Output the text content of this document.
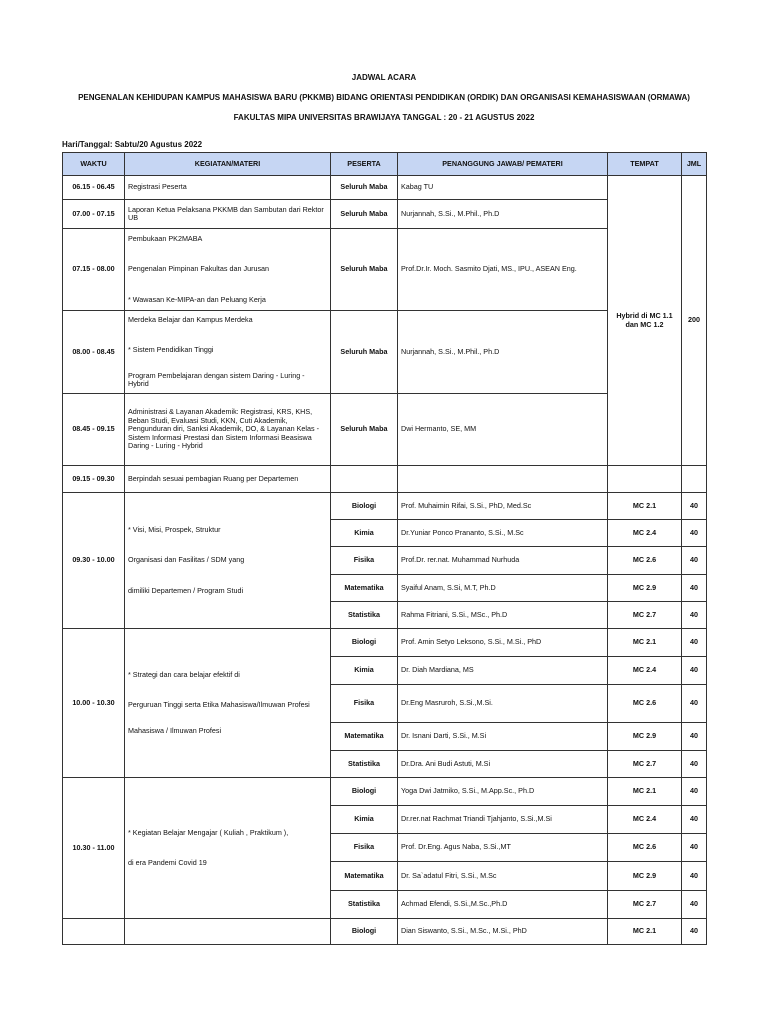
JADWAL ACARA
PENGENALAN KEHIDUPAN KAMPUS MAHASISWA BARU (PKKMB) BIDANG ORIENTASI PENDIDIKAN (ORDIK) DAN ORGANISASI KEMAHASISWAAN (ORMAWA)
FAKULTAS MIPA UNIVERSITAS BRAWIJAYA TANGGAL : 20 - 21 AGUSTUS 2022
Hari/Tanggal: Sabtu/20 Agustus 2022
WAKTU	KEGIATAN/MATERI	PESERTA	PENANGGUNG JAWAB/ PEMATERI	TEMPAT	JML
06.15 - 06.45	Registrasi Peserta	Seluruh Maba	Kabag TU	Hybrid di MC 1.1 dan MC 1.2	200
07.00 - 07.15	Laporan Ketua Pelaksana PKKMB dan Sambutan dari Rektor UB	Seluruh Maba	Nurjannah, S.Si., M.Phil., Ph.D		
07.15 - 08.00	Pembukaan PK2MABA
Pengenalan Pimpinan Fakultas dan Jurusan
* Wawasan Ke-MIPA-an dan Peluang Kerja	Seluruh Maba	Prof.Dr.Ir. Moch. Sasmito Djati, MS., IPU., ASEAN Eng.		
08.00 - 08.45	Merdeka Belajar dan Kampus Merdeka
* Sistem Pendidikan Tinggi
Program Pembelajaran dengan sistem Daring - Luring - Hybrid	Seluruh Maba	Nurjannah, S.Si., M.Phil., Ph.D		
08.45 - 09.15	Administrasi & Layanan Akademik: Registrasi, KRS, KHS, Beban Studi, Evaluasi Studi, KKN, Cuti Akademik, Pengunduran diri, Sanksi Akademik, DO, & Layanan Kelas - Sistem Informasi Prestasi dan Sistem Informasi Beasiswa
Daring - Luring - Hybrid	Seluruh Maba	Dwi Hermanto, SE, MM		
09.15 - 09.30	Berpindah sesuai pembagian Ruang per Departemen				
09.30 - 10.00	* Visi, Misi, Prospek, Struktur
Organisasi dan Fasilitas / SDM yang
dimiliki Departemen / Program Studi	Biologi	Prof. Muhaimin Rifai, S.Si., PhD, Med.Sc	MC 2.1	40
		Kimia	Dr.Yuniar Ponco Prananto, S.Si., M.Sc	MC 2.4	40
		Fisika	Prof.Dr. rer.nat. Muhammad Nurhuda	MC 2.6	40
		Matematika	Syaiful Anam, S.Si, M.T, Ph.D	MC 2.9	40
		Statistika	Rahma Fitriani, S.Si., MSc., Ph.D	MC 2.7	40
10.00 - 10.30	* Strategi dan cara belajar efektif di
Perguruan Tinggi serta Etika Mahasiswa/Ilmuwan Profesi
Mahasiswa / Ilmuwan Profesi	Biologi	Prof. Amin Setyo Leksono, S.Si., M.Si., PhD	MC 2.1	40
		Kimia	Dr. Diah Mardiana, MS	MC 2.4	40
		Fisika	Dr.Eng Masruroh, S.Si.,M.Si.	MC 2.6	40
		Matematika	Dr. Isnani Darti, S.Si., M.Si	MC 2.9	40
		Statistika	Dr.Dra. Ani Budi Astuti, M.Si	MC 2.7	40
10.30 - 11.00	* Kegiatan Belajar Mengajar ( Kuliah , Praktikum ),
di era Pandemi Covid 19	Biologi	Yoga Dwi Jatmiko, S.Si., M.App.Sc., Ph.D	MC 2.1	40
		Kimia	Dr.rer.nat Rachmat Triandi Tjahjanto, S.Si.,M.Si	MC 2.4	40
		Fisika	Prof. Dr.Eng. Agus Naba, S.Si.,MT	MC 2.6	40
		Matematika	Dr. Sa`adatul Fitri, S.Si., M.Sc	MC 2.9	40
		Statistika	Achmad Efendi, S.Si.,M.Sc.,Ph.D	MC 2.7	40
		Biologi	Dian Siswanto, S.Si., M.Sc., M.Si., PhD	MC 2.1	40
